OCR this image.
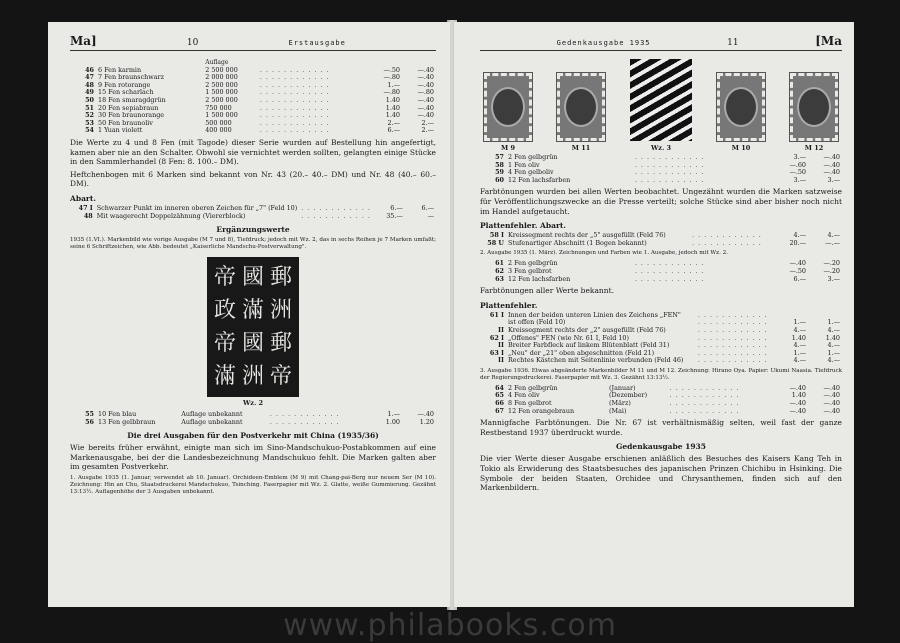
Ma]	10	Erstausgabe
		Auflage			
46	6 Fen karmin	2 500 000	. . . . . . . . . . . .	—.50	—.40
47	7 Fen braunschwarz	2 000 000	. . . . . . . . . . . .	—.80	—.40
48	9 Fen rotorange	2 500 000	. . . . . . . . . . . .	1.—	—.40
49	15 Fen scharlach	1 500 000	. . . . . . . . . . . .	—.80	—.80
50	18 Fen smaragdgrün	2 500 000	. . . . . . . . . . . .	1.40	—.40
51	20 Fen sepiabraun	750 000	. . . . . . . . . . . .	1.40	—.40
52	30 Fen braunorange	1 500 000	. . . . . . . . . . . .	1.40	—.40
53	50 Fen braunoliv	500 000	. . . . . . . . . . . .	2.—	2.—
54	1 Yuan violett	400 000	. . . . . . . . . . . .	6.—	2.—

Die Werte zu 4 und 8 Fen (mit Tagode) dieser Serie wurden auf Bestellung hin angefertigt, kamen aber nie an den Schalter. Obwohl sie vernichtet werden sollten, gelangten einige Stücke in den Sammlerhandel (8 Fen: 8. 100.– DM).

Heftchenbogen mit 6 Marken sind bekannt von Nr. 43 (20.– 40.– DM) und Nr. 48 (40.– 60.– DM).

Abart.
47 I	Schwarzer Punkt im inneren oberen Zeichen für „7" (Feld 10)	. . . . . . . . . . . .	6.—	6.—
48	Mit waagerecht Doppelzähnung (Viererblock)	. . . . . . . . . . . .	35.—	—
Ergänzungswerte

1935 (1.VI.). Markenbild wie vorige Ausgabe (M 7 und 8), Tiefdruck; jedoch mit Wz. 2, das in sechs Reihen je 7 Marken umfaßt; seine 6 Schriftzeichen, wie Abb. bedeutet „Kaiserliche Mandschu-Postverwaltung".

帝 國 郵
政 滿 洲
帝 國 郵
滿 洲 帝
Wz. 2
55	10 Fen blau	Auflage unbekannt	. . . . . . . . . . . .	1.—	—.40
56	13 Fen gelbbraun	Auflage unbekannt	. . . . . . . . . . . .	1.00	1.20
Die drei Ausgaben für den Postverkehr mit China (1935/36)

Wie bereits früher erwähnt, einigte man sich im Sino-Mandschukuo-Postabkommen auf eine Markenausgabe, bei der die Landesbezeichnung Mandschukuo fehlt. Die Marken galten aber im gesamten Postverkehr.

1. Ausgabe 1935 (1. Januar, verwendet ab 10. Januar). Orchideen-Emblem (M 9) mit Chang-pai-Berg nur neuem Ser (M 10). Zeichnung: Hin an Chu, Staatsdruckerei Mandschukuo, Tsinching. Faserpapier mit Wz. 2. Glatte, weiße Gummierung. Gezähnt 13:13½. Auflagenhöhe der 3 Ausgaben unbekannt.

Gedenkausgabe 1935	11	[Ma
M 9	M 11	Wz. 3	M 10	M 12
57	2 Fen gelbgrün	. . . . . . . . . . . .	3.—	—.40
58	1 Fen oliv	. . . . . . . . . . . .	—.60	—.40
59	4 Fen gelboliv	. . . . . . . . . . . .	—.50	—.40
60	12 Fen lachsfarben	. . . . . . . . . . . .	3.—	3.—

Farbtönungen wurden bei allen Werten beobachtet. Ungezähnt wurden die Marken satzweise für Veröffentlichungszwecke an die Presse verteilt; solche Stücke sind aber bisher noch nicht im Handel aufgetaucht.

Plattenfehler. Abart.
58 I	Kreissegment rechts der „5" ausgefüllt (Feld 76)	. . . . . . . . . . . .	4.—	4.—
58 U	Stufenartiger Abschnitt (1 Bogen bekannt)	. . . . . . . . . . . .	20.—	—.—

2. Ausgabe 1935 (1. März). Zeichnungen und Farben wie 1. Ausgabe, jedoch mit Wz. 2.

61	2 Fen gelbgrün	. . . . . . . . . . . .	—.40	—.20
62	3 Fen gelbrot	. . . . . . . . . . . .	—.50	—.20
63	12 Fen lachsfarben	. . . . . . . . . . . .	6.—	3.—

Farbtönungen aller Werte bekannt.

Plattenfehler.
61 I	Innen der beiden unteren Linien des Zeichens „FEN"	. . . . . . . . . . . .		
	ist offen (Feld 10)	. . . . . . . . . . . .	1.—	1.—
II	Kreissegment rechts der „2" ausgefüllt (Feld 76)	. . . . . . . . . . . .	4.—	4.—
62 I	„Offenes" FEN (wie Nr. 61 I, Feld 10)	. . . . . . . . . . . .	1.40	1.40
II	Breiter Farbfleck auf linkem Blütenblatt (Feld 31)	. . . . . . . . . . . .	4.—	4.—
63 I	„Neu" der „21" oben abgeschnitten (Feld 21)	. . . . . . . . . . . .	1.—	1.—
II	Rechtes Kästchen mit Seitenlinie verbunden (Feld 46)	. . . . . . . . . . . .	4.—	4.—

3. Ausgabe 1936. Etwas abgeänderte Markenbilder M 11 und M 12. Zeichnung: Hirano Oya. Papier: Ukumi Naasia. Tiefdruck der Regierungsdruckerei. Faserpapier mit Wz. 3. Gezähnt 13:13½.

64	2 Fen gelbgrün	(Januar)	. . . . . . . . . . . .	—.40	—.40
65	4 Fen oliv	(Dezember)	. . . . . . . . . . . .	1.40	—.40
66	8 Fen gelbrot	(März)	. . . . . . . . . . . .	—.40	—.40
67	12 Fen orangebraun	(Mai)	. . . . . . . . . . . .	—.40	—.40

Mannigfache Farbtönungen. Die Nr. 67 ist verhältnismäßig selten, weil fast der ganze Restbestand 1937 überdruckt wurde.

Gedenkausgabe 1935

Die vier Werte dieser Ausgabe erschienen anläßlich des Besuches des Kaisers Kang Teh in Tokio als Erwiderung des Staatsbesuches des japanischen Prinzen Chichibu in Hsinking. Die Symbole der beiden Staaten, Orchidee und Chrysanthemen, finden sich auf den Markenbildern.

www.philabooks.com
